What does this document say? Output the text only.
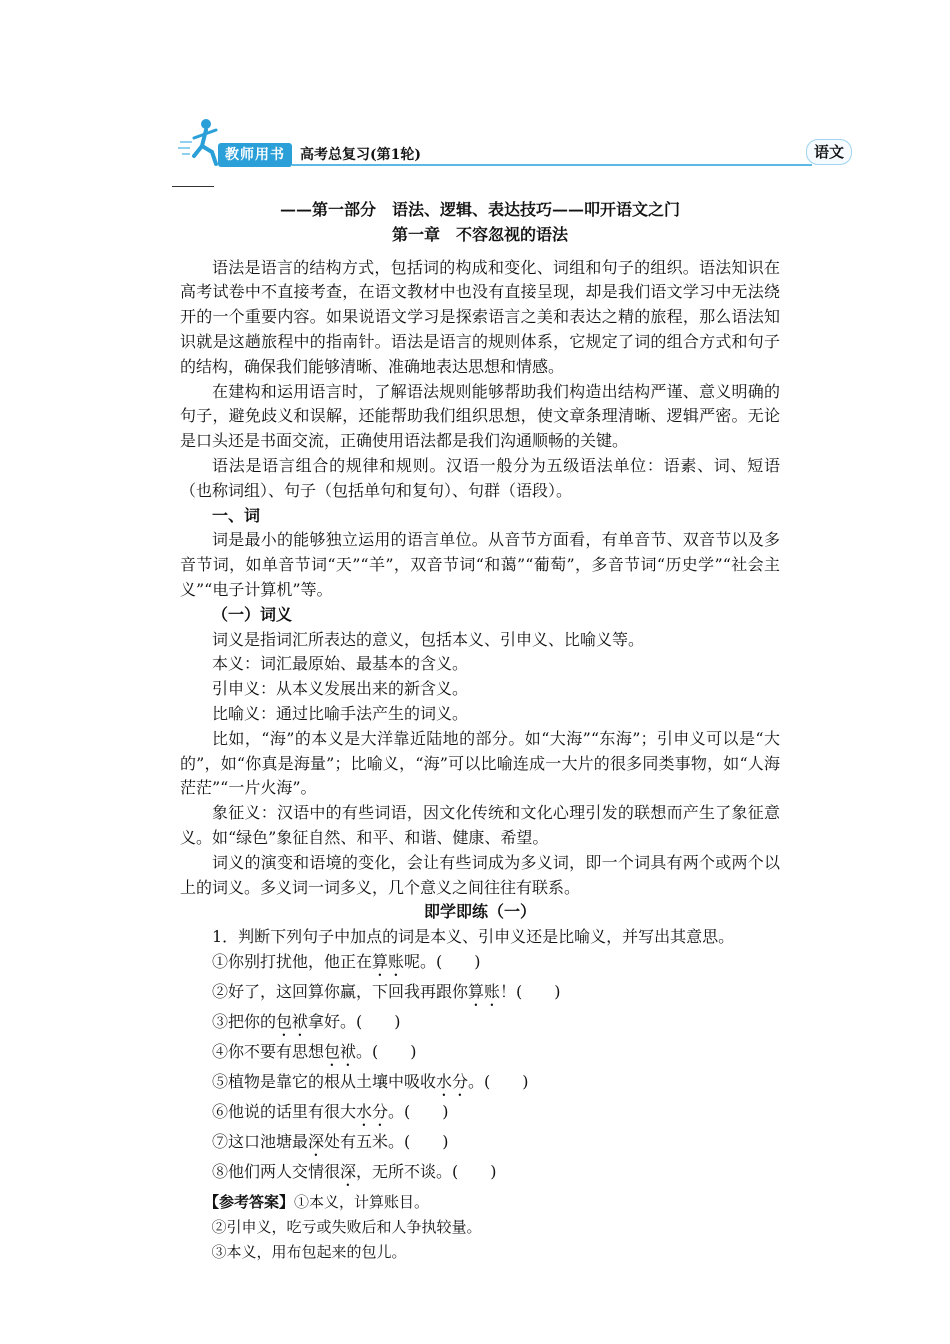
教师用书	高考总复习(第1轮)	语文

——第一部分　语法、逻辑、表达技巧——叩开语文之门

第一章　不容忽视的语法

语法是语言的结构方式，包括词的构成和变化、词组和句子的组织。语法知识在高考试卷中不直接考查，在语文教材中也没有直接呈现，却是我们语文学习中无法绕开的一个重要内容。如果说语文学习是探索语言之美和表达之精的旅程，那么语法知识就是这趟旅程中的指南针。语法是语言的规则体系，它规定了词的组合方式和句子的结构，确保我们能够清晰、准确地表达思想和情感。

在建构和运用语言时，了解语法规则能够帮助我们构造出结构严谨、意义明确的句子，避免歧义和误解，还能帮助我们组织思想，使文章条理清晰、逻辑严密。无论是口头还是书面交流，正确使用语法都是我们沟通顺畅的关键。

语法是语言组合的规律和规则。汉语一般分为五级语法单位：语素、词、短语（也称词组）、句子（包括单句和复句）、句群（语段）。

一、词

词是最小的能够独立运用的语言单位。从音节方面看，有单音节、双音节以及多音节词，如单音节词“天”“羊”，双音节词“和蔼”“葡萄”，多音节词“历史学”“社会主义”“电子计算机”等。

（一）词义

词义是指词汇所表达的意义，包括本义、引申义、比喻义等。

本义：词汇最原始、最基本的含义。

引申义：从本义发展出来的新含义。

比喻义：通过比喻手法产生的词义。

比如，“海”的本义是大洋靠近陆地的部分。如“大海”“东海”；引申义可以是“大的”，如“你真是海量”；比喻义，“海”可以比喻连成一大片的很多同类事物，如“人海茫茫”“一片火海”。

象征义：汉语中的有些词语，因文化传统和文化心理引发的联想而产生了象征意义。如“绿色”象征自然、和平、和谐、健康、希望。

词义的演变和语境的变化，会让有些词成为多义词，即一个词具有两个或两个以上的词义。多义词一词多义，几个意义之间往往有联系。

即学即练（一）

1．判断下列句子中加点的词是本义、引申义还是比喻义，并写出其意思。

①你别打扰他，他正在算账呢。(　　)

②好了，这回算你赢，下回我再跟你算账！(　　)

③把你的包袱拿好。(　　)

④你不要有思想包袱。(　　)

⑤植物是靠它的根从土壤中吸收水分。(　　)

⑥他说的话里有很大水分。(　　)

⑦这口池塘最深处有五米。(　　)

⑧他们两人交情很深，无所不谈。(　　)

【参考答案】①本义，计算账目。

②引申义，吃亏或失败后和人争执较量。

③本义，用布包起来的包儿。
